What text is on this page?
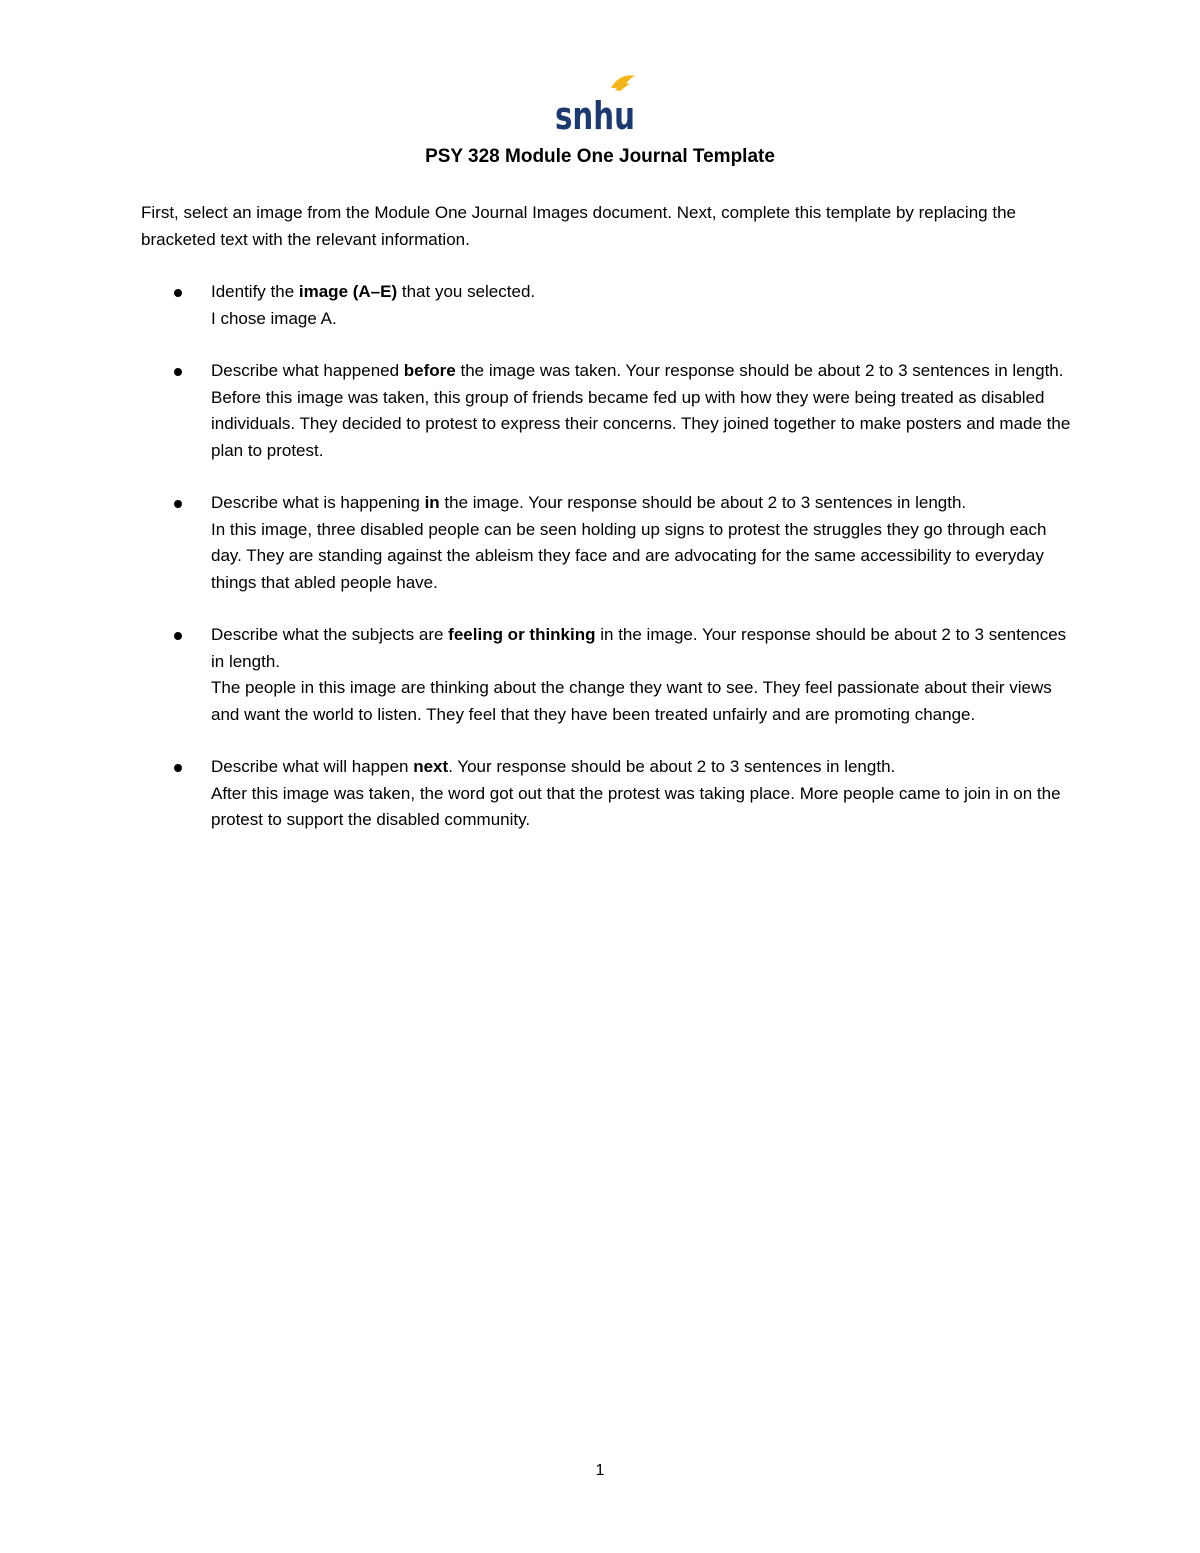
snhu
PSY 328 Module One Journal Template

First, select an image from the Module One Journal Images document. Next, complete this template by replacing the bracketed text with the relevant information.

Identify the image (A–E) that you selected.
I chose image A.
Describe what happened before the image was taken. Your response should be about 2 to 3 sentences in length.
Before this image was taken, this group of friends became fed up with how they were being treated as disabled individuals. They decided to protest to express their concerns. They joined together to make posters and made the plan to protest.
Describe what is happening in the image. Your response should be about 2 to 3 sentences in length.
In this image, three disabled people can be seen holding up signs to protest the struggles they go through each day. They are standing against the ableism they face and are advocating for the same accessibility to everyday things that abled people have.
Describe what the subjects are feeling or thinking in the image. Your response should be about 2 to 3 sentences in length.
The people in this image are thinking about the change they want to see. They feel passionate about their views and want the world to listen. They feel that they have been treated unfairly and are promoting change.
Describe what will happen next. Your response should be about 2 to 3 sentences in length.
After this image was taken, the word got out that the protest was taking place. More people came to join in on the protest to support the disabled community.
1
